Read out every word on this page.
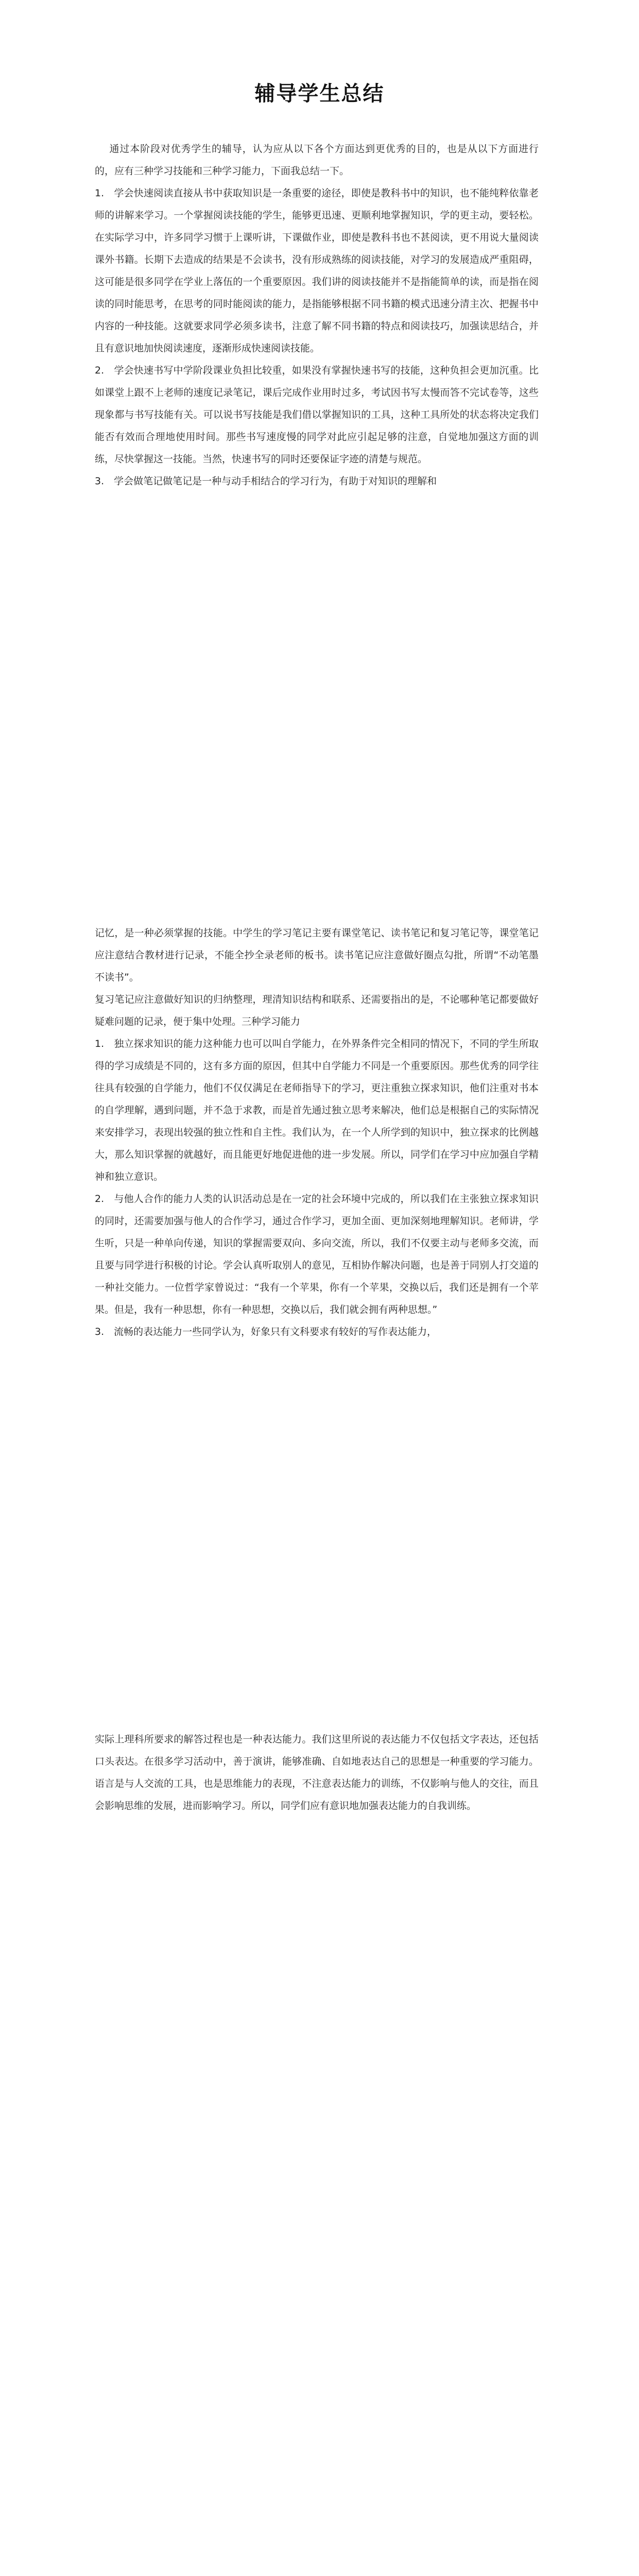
辅导学生总结

通过本阶段对优秀学生的辅导，认为应从以下各个方面达到更优秀的目的，也是从以下方面进行的，应有三种学习技能和三种学习能力，下面我总结一下。

1.　学会快速阅读直接从书中获取知识是一条重要的途径，即使是教科书中的知识，也不能纯粹依靠老师的讲解来学习。一个掌握阅读技能的学生，能够更迅速、更顺利地掌握知识，学的更主动，要轻松。在实际学习中，许多同学习惯于上课听讲，下课做作业，即使是教科书也不甚阅读，更不用说大量阅读课外书籍。长期下去造成的结果是不会读书，没有形成熟练的阅读技能，对学习的发展造成严重阻碍，这可能是很多同学在学业上落伍的一个重要原因。我们讲的阅读技能并不是指能简单的读，而是指在阅读的同时能思考，在思考的同时能阅读的能力，是指能够根据不同书籍的模式迅速分清主次、把握书中内容的一种技能。这就要求同学必须多读书，注意了解不同书籍的特点和阅读技巧，加强读思结合，并且有意识地加快阅读速度，逐渐形成快速阅读技能。

2.　学会快速书写中学阶段课业负担比较重，如果没有掌握快速书写的技能，这种负担会更加沉重。比如课堂上跟不上老师的速度记录笔记，课后完成作业用时过多，考试因书写太慢而答不完试卷等，这些现象都与书写技能有关。可以说书写技能是我们借以掌握知识的工具，这种工具所处的状态将决定我们能否有效而合理地使用时间。那些书写速度慢的同学对此应引起足够的注意，自觉地加强这方面的训练，尽快掌握这一技能。当然，快速书写的同时还要保证字迹的清楚与规范。

3.　学会做笔记做笔记是一种与动手相结合的学习行为，有助于对知识的理解和

记忆，是一种必须掌握的技能。中学生的学习笔记主要有课堂笔记、读书笔记和复习笔记等，课堂笔记应注意结合教材进行记录，不能全抄全录老师的板书。读书笔记应注意做好圈点勾批，所谓“不动笔墨不读书”。

复习笔记应注意做好知识的归纳整理，理清知识结构和联系、还需要指出的是，不论哪种笔记都要做好疑难问题的记录，便于集中处理。三种学习能力

1.　独立探求知识的能力这种能力也可以叫自学能力，在外界条件完全相同的情况下，不同的学生所取得的学习成绩是不同的，这有多方面的原因，但其中自学能力不同是一个重要原因。那些优秀的同学往往具有较强的自学能力，他们不仅仅满足在老师指导下的学习，更注重独立探求知识，他们注重对书本的自学理解，遇到问题，并不急于求教，而是首先通过独立思考来解决，他们总是根据自己的实际情况来安排学习，表现出较强的独立性和自主性。我们认为，在一个人所学到的知识中，独立探求的比例越大，那么知识掌握的就越好，而且能更好地促进他的进一步发展。所以，同学们在学习中应加强自学精神和独立意识。

2.　与他人合作的能力人类的认识活动总是在一定的社会环境中完成的，所以我们在主张独立探求知识的同时，还需要加强与他人的合作学习，通过合作学习，更加全面、更加深刻地理解知识。老师讲，学生听，只是一种单向传递，知识的掌握需要双向、多向交流，所以，我们不仅要主动与老师多交流，而且要与同学进行积极的讨论。学会认真听取别人的意见，互相协作解决问题，也是善于同别人打交道的一种社交能力。一位哲学家曾说过：“我有一个苹果，你有一个苹果，交换以后，我们还是拥有一个苹果。但是，我有一种思想，你有一种思想，交换以后，我们就会拥有两种思想。”

3.　流畅的表达能力一些同学认为，好象只有文科要求有较好的写作表达能力，

实际上理科所要求的解答过程也是一种表达能力。我们这里所说的表达能力不仅包括文字表达，还包括口头表达。在很多学习活动中，善于演讲，能够准确、自如地表达自己的思想是一种重要的学习能力。语言是与人交流的工具，也是思维能力的表现，不注意表达能力的训练，不仅影响与他人的交往，而且会影响思维的发展，进而影响学习。所以，同学们应有意识地加强表达能力的自我训练。
